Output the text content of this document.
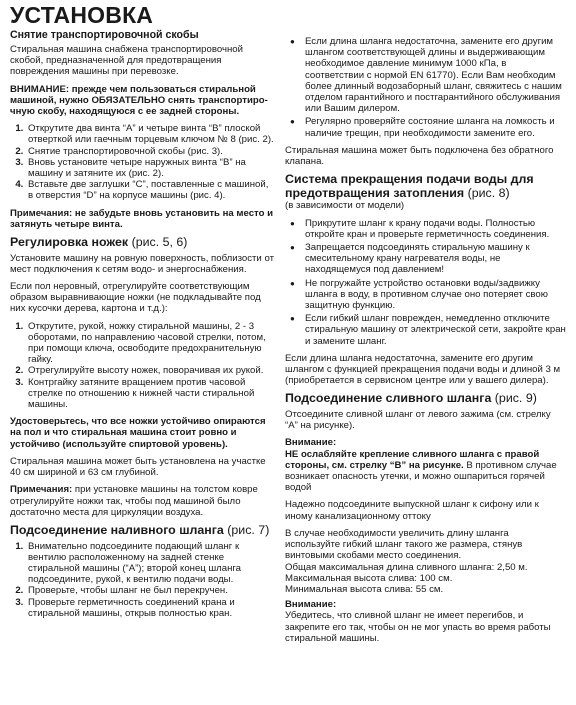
УСТАНОВКА
Снятие транспортировочной скобы

Стиральная машина снабжена транспортировочной скобой, предназначенной для предотвращения повреждения машины при перевозке.

ВНИМАНИЕ: прежде чем пользоваться стиральной машиной, нужно ОБЯЗАТЕЛЬНО снять транспортиро- чную скобу, находящуюся с ее задней стороны.

1. Открутите два винта “A” и четыре винта “B” плоской отверткой или гаечным торцевым ключом № 8 (рис. 2).
2. Снятие транспортировочной скобы (рис. 3).
3. Вновь установите четыре наружных винта “B” на машину и затяните их (рис. 2).
4. Вставьте две заглушки “C”, поставленные с машиной, в отверстия “D” на корпусе машины (рис. 4).

Примечания: не забудьте вновь установить на место и затянуть четыре винта.

Регулировка ножек (рис. 5, 6)

Установите машину на ровную поверхность, поблизости от мест подключения к сетям водо- и энергоснабжения.

Если пол неровный, отрегулируйте соответствующим образом выравнивающие ножки (не подкладывайте под них кусочки дерева, картона и т.д.):

1. Открутите, рукой, ножку стиральной машины, 2 - 3 оборотами, по направлению часовой стрелки, потом, при помощи ключа, освободите предохранительную гайку.
2. Отрегулируйте высоту ножек, поворачивая их рукой.
3. Контргайку затяните вращением против часовой стрелке по отношению к нижней части стиральной машины.

Удостоверьтесь, что все ножки устойчиво опираются на пол и что стиральная машина стоит ровно и устойчиво (используйте спиртовой уровень).

Стиральная машина может быть установлена на участке 40 см шириной и 63 см глубиной.

Примечания: при установке машины на толстом ковре отрегулируйте ножки так, чтобы под машиной было достаточно места для циркуляции воздуха.

Подсоединение наливного шланга (рис. 7)
1. Внимательно подсоедините подающий шланг к вентилю расположенному на задней стенке стиральной машины (“A”); второй конец шланга подсоедините, рукой, к вентилю подачи воды.
2. Проверьте, чтобы шланг не был перекручен.
3. Проверьте герметичность соединений крана и стиральной машины, открыв полностью кран.
● Если длина шланга недостаточна, замените его другим шлангом соответствующей длины и выдерживающим необходимое давление минимум 1000 кПа, в соответствии с нормой EN 61770). Если Вам необходим более длинный водозаборный шланг, свяжитесь с нашим отделом гарантийного и постгарантийного обслуживания или Вашим дилером.
● Регулярно проверяйте состояние шланга на ломкость и наличие трещин, при необходимости замените его.

Стиральная машина может быть подключена без обратного клапана.

Система прекращения подачи воды для предотвращения затопления (рис. 8)

(в зависимости от модели)

● Прикрутите шланг к крану подачи воды. Полностью откройте кран и проверьте герметичность соединения.
● Запрещается подсоединять стиральную машину к смесительному крану нагревателя воды, не находящемуся под давлением!
● Не погружайте устройство остановки воды/задвижку шланга в воду, в противном случае оно потеряет свою защитную функцию.
● Если гибкий шланг поврежден, немедленно отключите стиральную машину от электрической сети, закройте кран и замените шланг.

Если длина шланга недостаточна, замените его другим шлангом с функцией прекращения подачи воды и длиной 3 м (приобретается в сервисном центре или у вашего дилера).

Подсоединение сливного шланга (рис. 9)

Отсоедините сливной шланг от левого зажима (см. стрелку “A” на рисунке).

Внимание:

НЕ ослабляйте крепление сливного шланга с правой стороны, см. стрелку “B” на рисунке. В противном случае возникает опасность утечки, и можно ошпариться горячей водой

Надежно подсоедините выпускной шланг к сифону или к иному канализационному оттоку

В случае необходимости увеличить длину шланга используйте гибкий шланг такого же размера, стянув винтовыми скобами место соединения.

Общая максимальная длина сливного шланга: 2,50 м.
Максимальная высота слива: 100 см.
Минимальная высота слива: 55 см.
Внимание:

Убедитесь, что сливной шланг не имеет перегибов, и закрепите его так, чтобы он не мог упасть во время работы стиральной машины.
